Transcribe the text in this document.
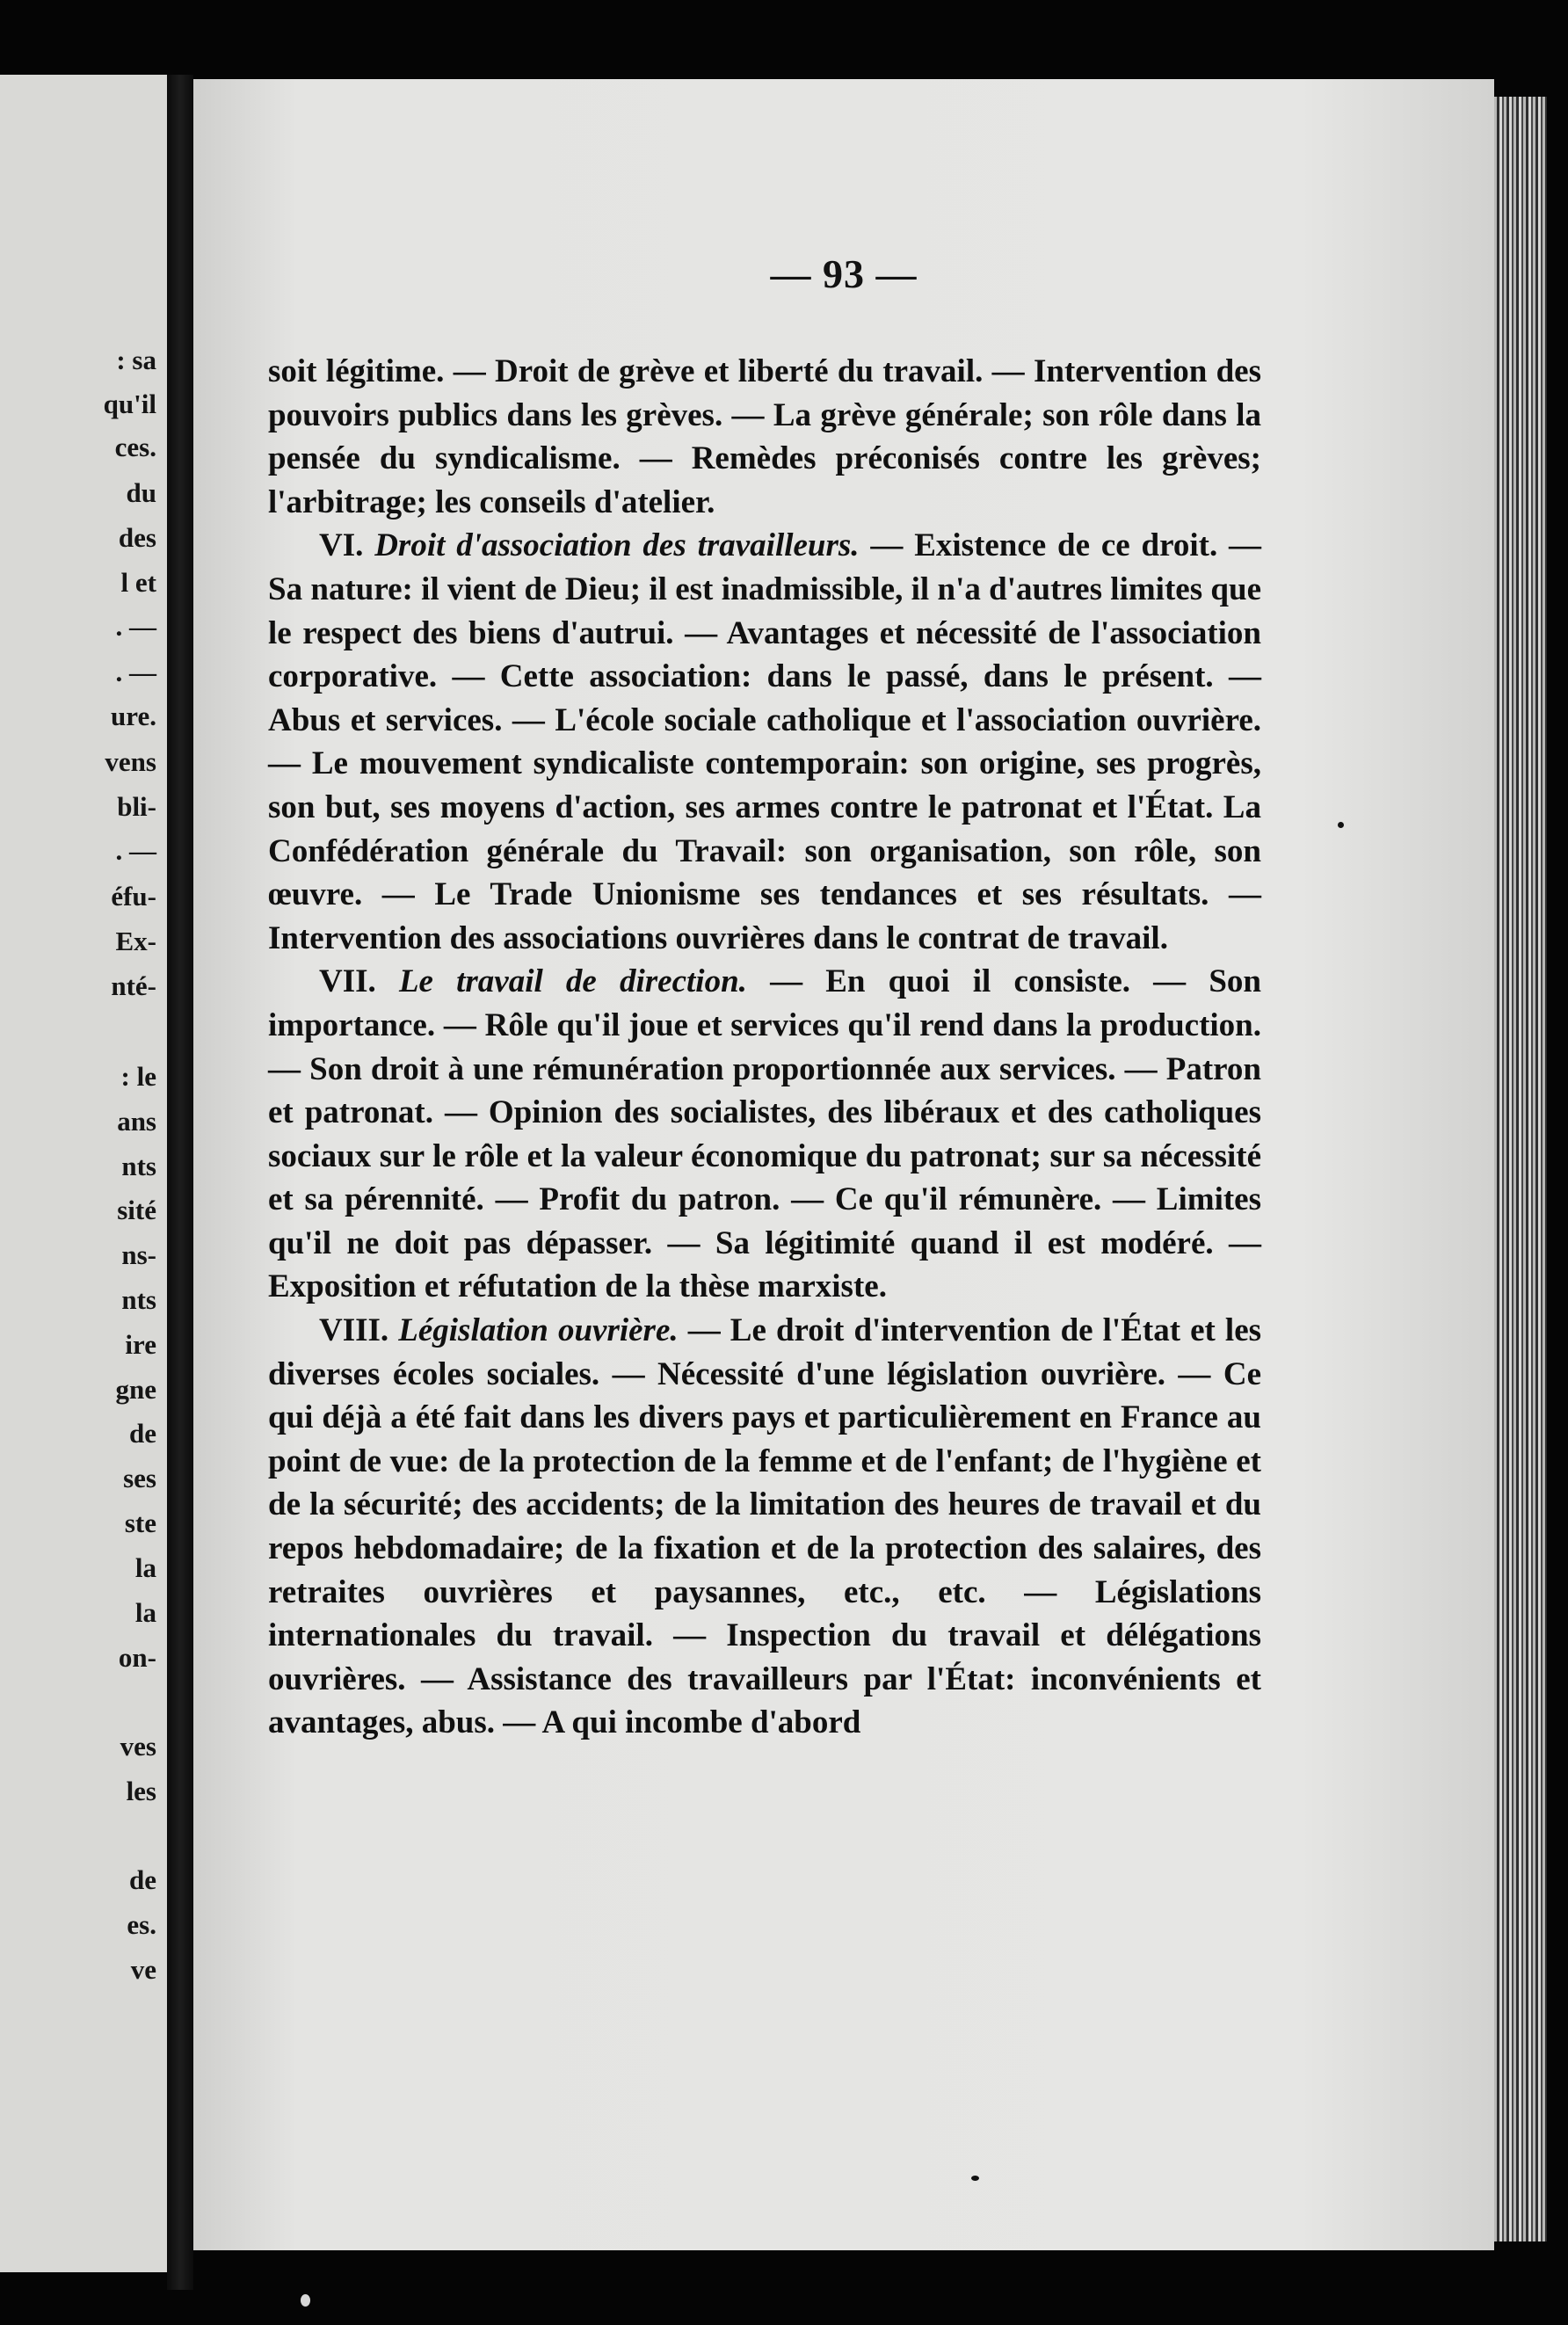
: sa
qu'il
ces.
du
des
l et
. —
. —
ure.
vens
bli-
. —
éfu-
Ex-
nté-
: le
ans
nts
sité
ns-
nts
ire
gne
de
ses
ste
la
la
on-
ves
les
de
es.
ve
— 93 —

soit légitime. — Droit de grève et liberté du travail. — Intervention des pouvoirs publics dans les grèves. — La grève générale; son rôle dans la pensée du syndicalisme. — Remèdes préconisés contre les grèves; l'arbitrage; les conseils d'atelier.

VI. Droit d'association des travailleurs. — Existence de ce droit. — Sa nature: il vient de Dieu; il est inadmissible, il n'a d'autres limites que le respect des biens d'autrui. — Avantages et nécessité de l'association corporative. — Cette association: dans le passé, dans le présent. — Abus et services. — L'école sociale catholique et l'association ouvrière. — Le mouvement syndicaliste contemporain: son origine, ses progrès, son but, ses moyens d'action, ses armes contre le patronat et l'État. La Confédération générale du Travail: son organisation, son rôle, son œuvre. — Le Trade Unionisme ses tendances et ses résultats. — Intervention des associations ouvrières dans le contrat de travail.

VII. Le travail de direction. — En quoi il consiste. — Son importance. — Rôle qu'il joue et services qu'il rend dans la production. — Son droit à une rémunération proportionnée aux services. — Patron et patronat. — Opinion des socialistes, des libéraux et des catholiques sociaux sur le rôle et la valeur économique du patronat; sur sa nécessité et sa pérennité. — Profit du patron. — Ce qu'il rémunère. — Limites qu'il ne doit pas dépasser. — Sa légitimité quand il est modéré. — Exposition et réfutation de la thèse marxiste.

VIII. Législation ouvrière. — Le droit d'intervention de l'État et les diverses écoles sociales. — Nécessité d'une législation ouvrière. — Ce qui déjà a été fait dans les divers pays et particulièrement en France au point de vue: de la protection de la femme et de l'enfant; de l'hygiène et de la sécurité; des accidents; de la limitation des heures de travail et du repos hebdomadaire; de la fixation et de la protection des salaires, des retraites ouvrières et paysannes, etc., etc. — Législations internationales du travail. — Inspection du travail et délégations ouvrières. — Assistance des travailleurs par l'État: inconvénients et avantages, abus. — A qui incombe d'abord
